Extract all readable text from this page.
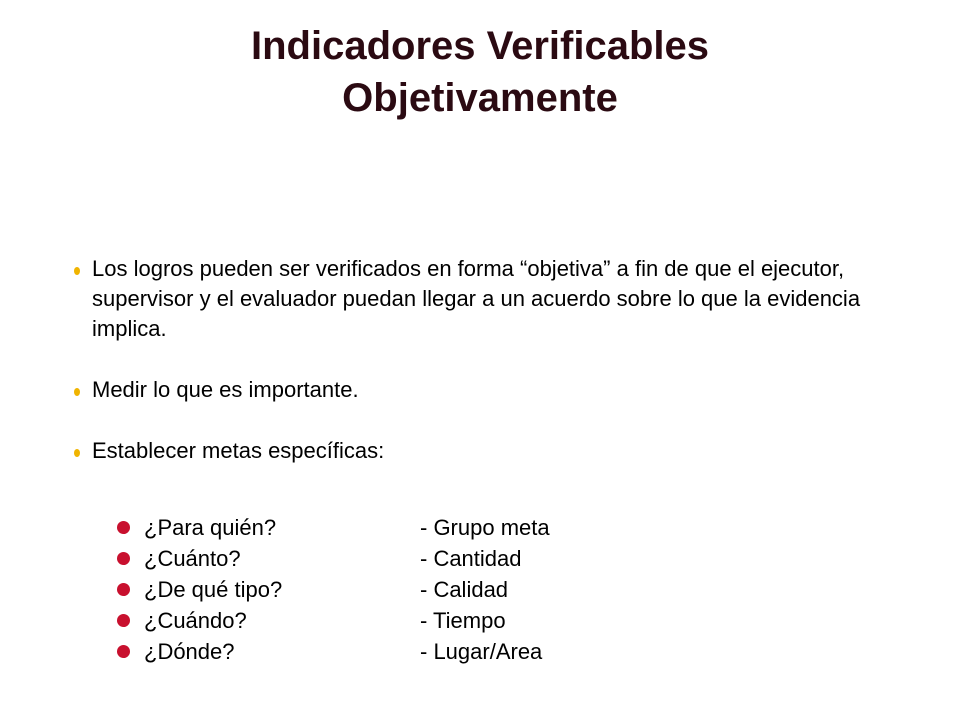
Indicadores Verificables
Objetivamente

Los logros pueden ser verificados en forma “objetiva” a fin de que el ejecutor, supervisor y el evaluador puedan llegar a un acuerdo sobre lo que la evidencia implica.

Medir lo que es importante.

Establecer metas específicas:

¿Para quién?	- Grupo meta
¿Cuánto?	- Cantidad
¿De qué tipo?	- Calidad
¿Cuándo?	- Tiempo
¿Dónde?	- Lugar/Area
